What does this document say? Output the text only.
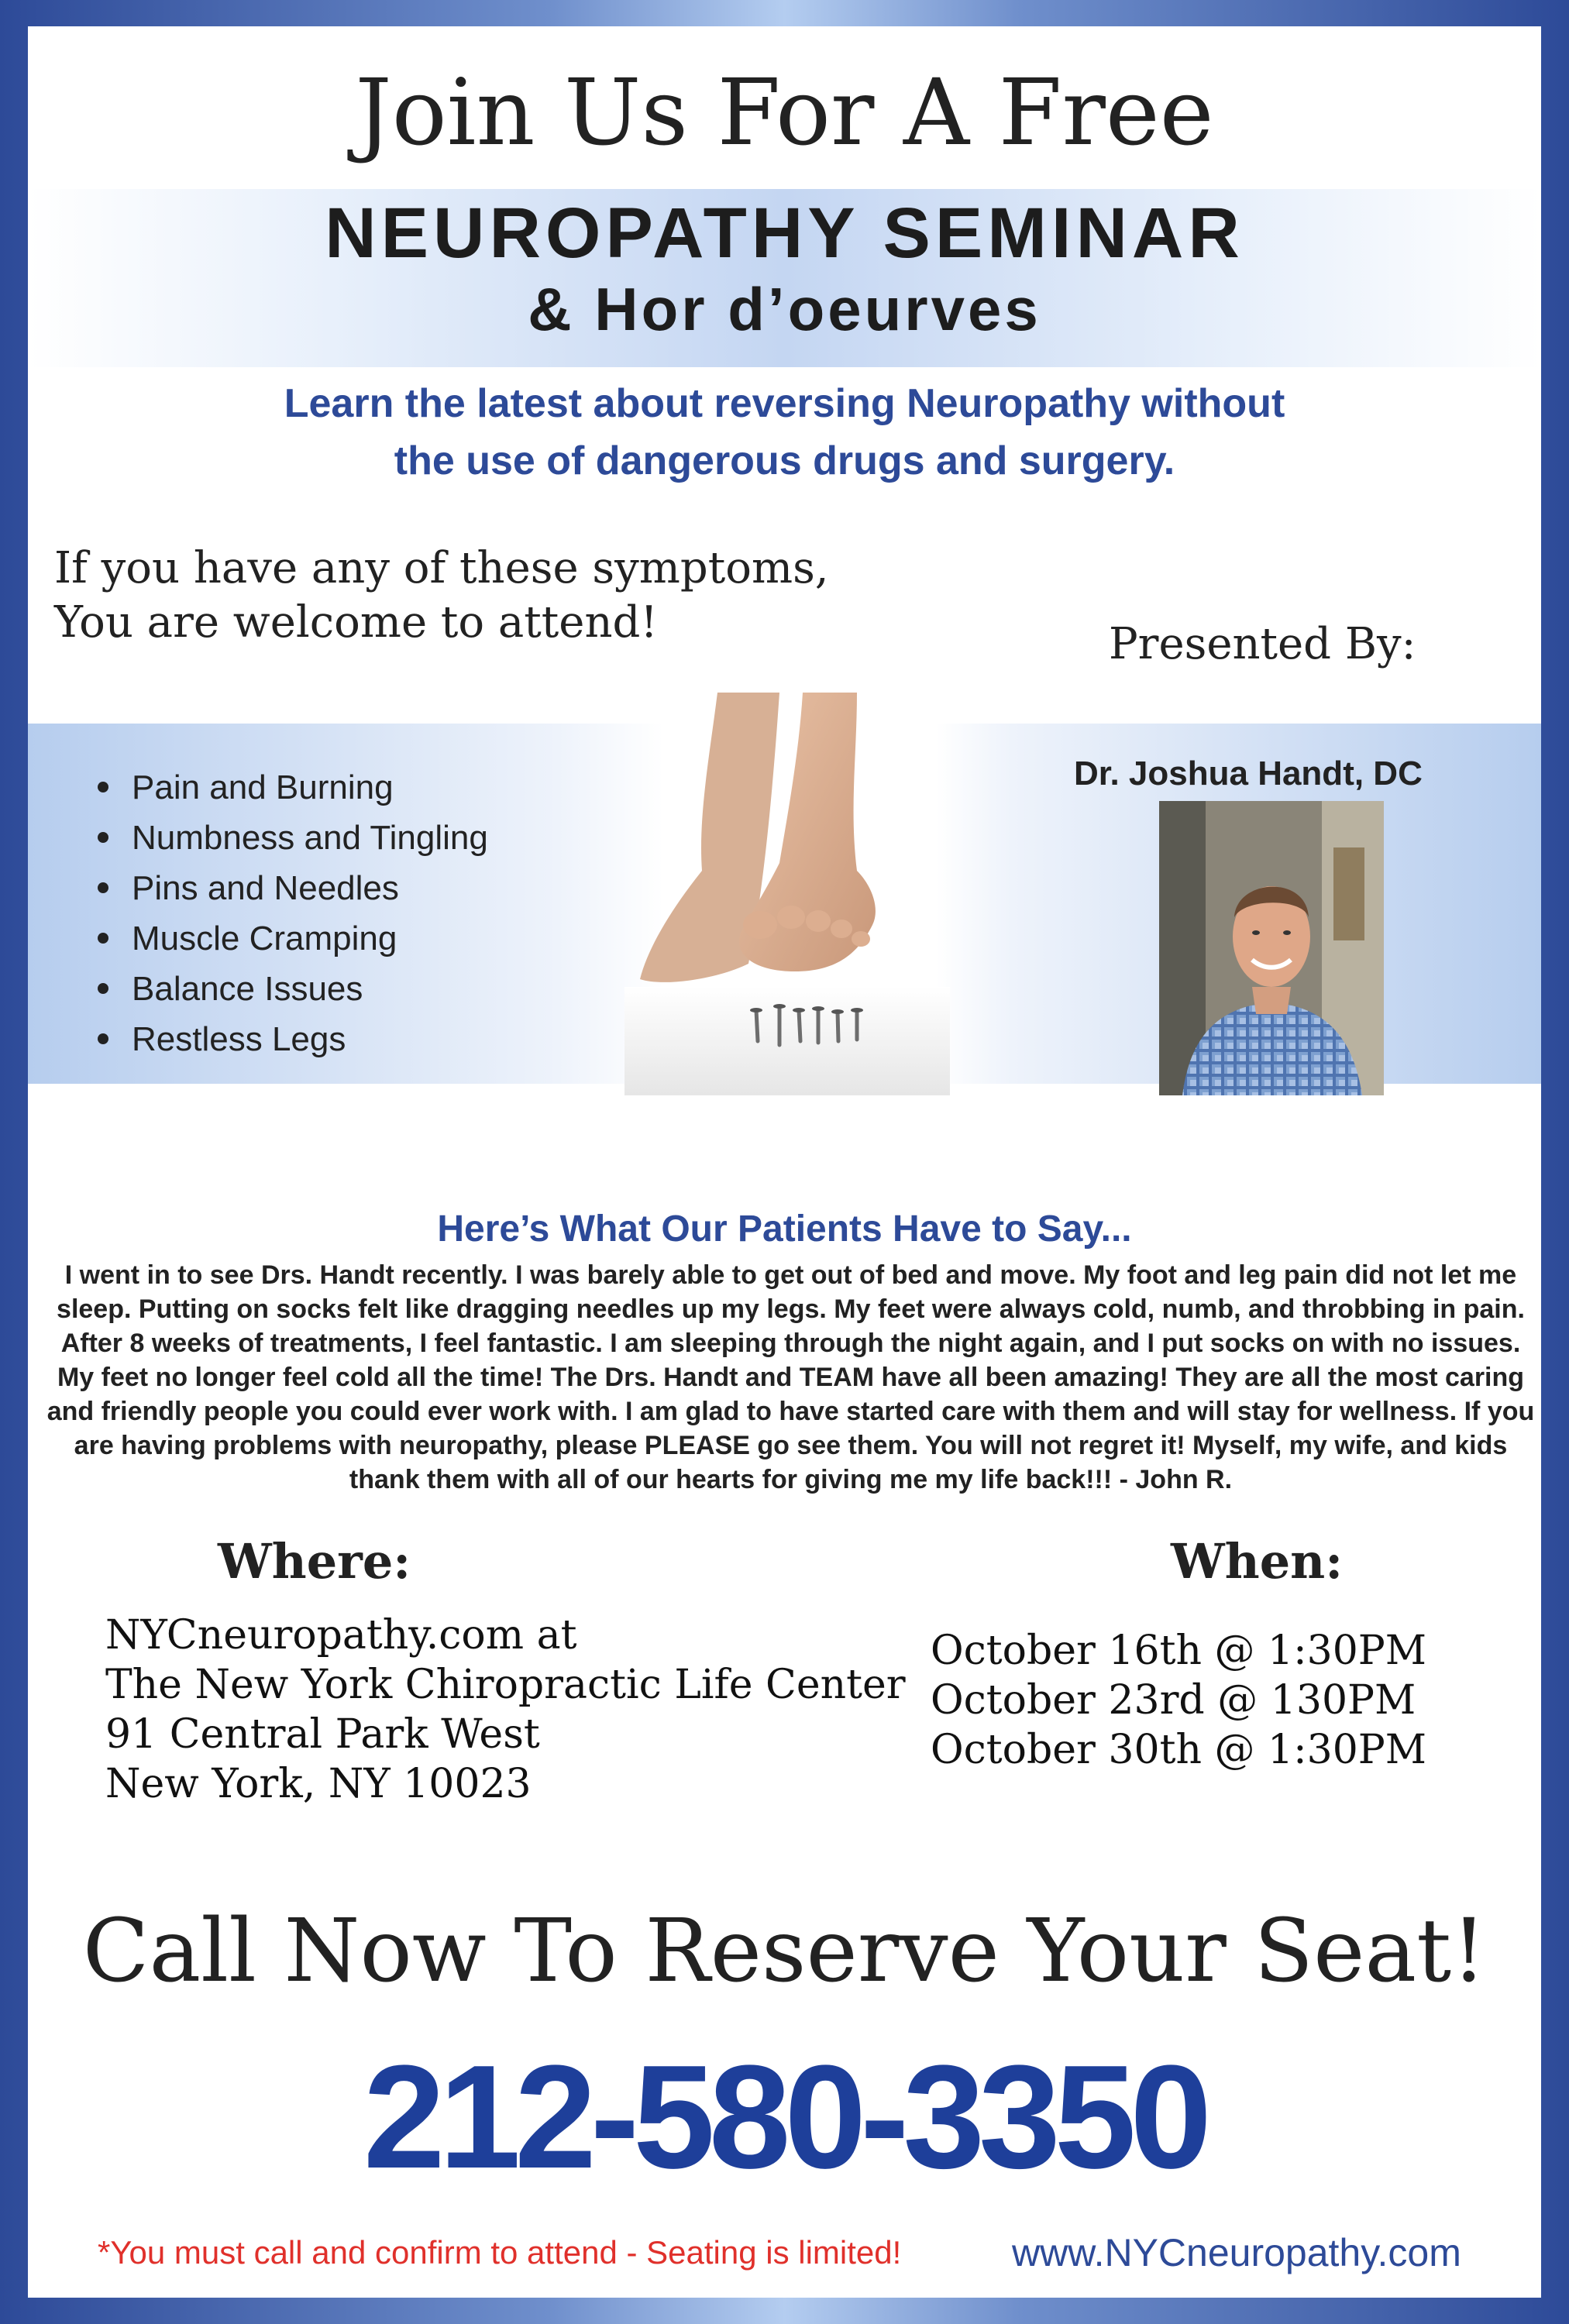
Join Us For A Free
NEUROPATHY SEMINAR
& Hor d’oeurves
Learn the latest about reversing Neuropathy without
the use of dangerous drugs and surgery.
If you have any of these symptoms,
You are welcome to attend!	Presented By:
Pain and Burning
Numbness and Tingling
Pins and Needles
Muscle Cramping
Balance Issues
Restless Legs
Dr. Joshua Handt, DC
Here’s What Our Patients Have to Say...
I went in to see Drs. Handt recently. I was barely able to get out of bed and move. My foot and leg pain did not let me sleep. Putting on socks felt like dragging needles up my legs. My feet were always cold, numb, and throbbing in pain. After 8 weeks of treatments, I feel fantastic. I am sleeping through the night again, and I put socks on with no issues. My feet no longer feel cold all the time! The Drs. Handt and TEAM have all been amazing! They are all the most caring and friendly people you could ever work with. I am glad to have started care with them and will stay for wellness. If you are having problems with neuropathy, please PLEASE go see them. You will not regret it! Myself, my wife, and kids thank them with all of our hearts for giving me my life back!!! - John R.
Where:	When:
NYCneuropathy.com at
The New York Chiropractic Life Center
91 Central Park West
New York, NY 10023
October 16th @ 1:30PM
October 23rd @ 130PM
October 30th @ 1:30PM
Call Now To Reserve Your Seat!
212-580-3350
*You must call and confirm to attend - Seating is limited!	www.NYCneuropathy.com
